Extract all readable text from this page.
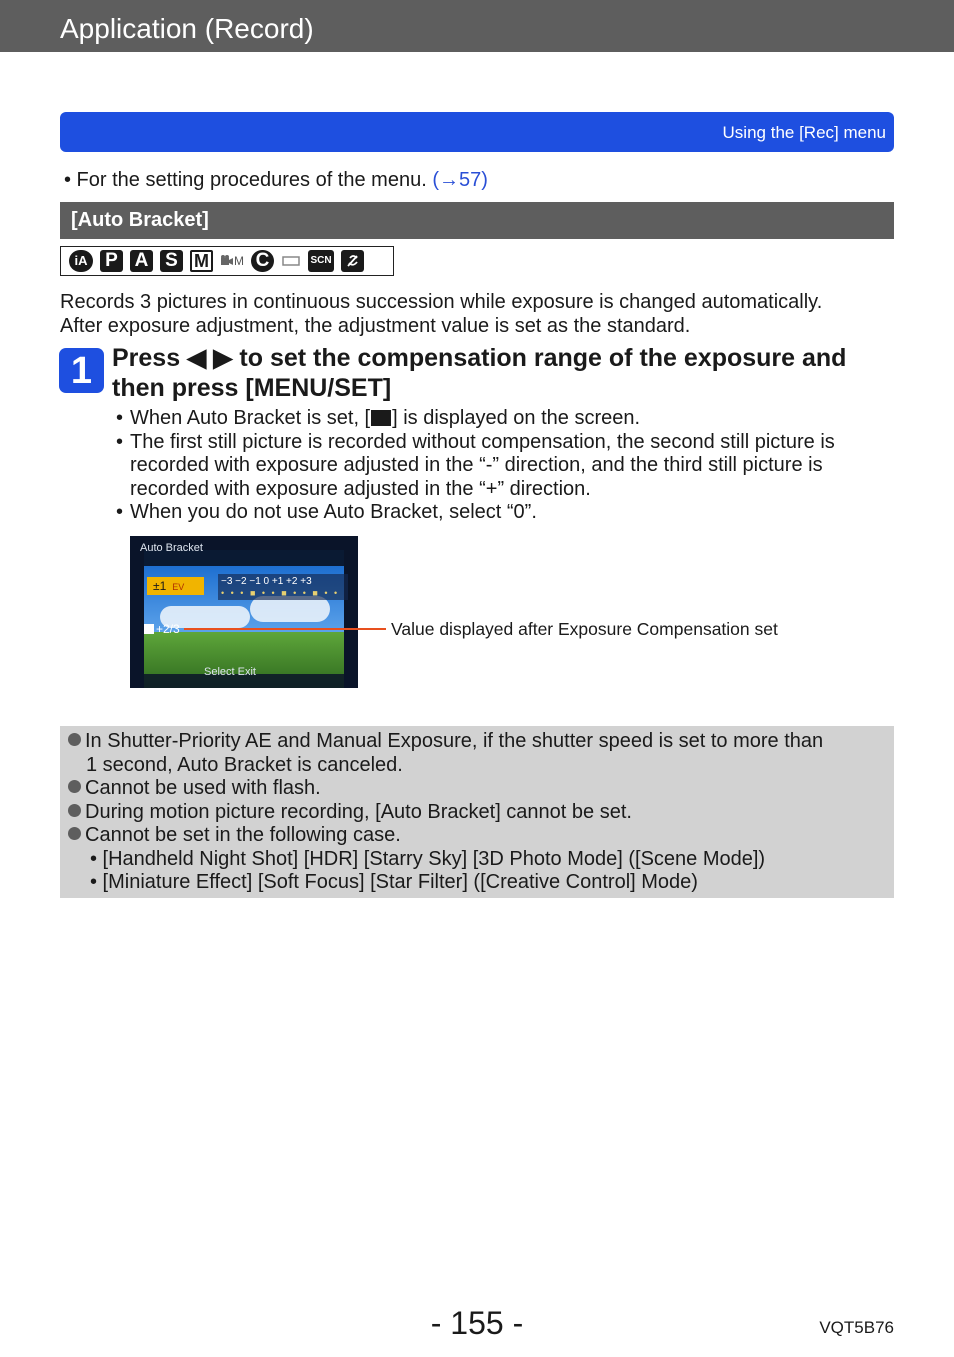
Application (Record)
Using the [Rec] menu
• For the setting procedures of the menu. (→57)
[Auto Bracket]
iA P A S M	M C	SCN
Records 3 pictures in continuous succession while exposure is changed automatically.
After exposure adjustment, the adjustment value is set as the standard.
1 Press ◀ ▶ to set the compensation range of the exposure and
then press [MENU/SET]
• When Auto Bracket is set, [ ] is displayed on the screen.
• The first still picture is recorded without compensation, the second still picture is
recorded with exposure adjusted in the “-” direction, and the third still picture is
recorded with exposure adjusted in the “+” direction.
• When you do not use Auto Bracket, select “0”.
Auto Bracket
±1 EV	−3 −2 −1 0 +1 +2 +3
• • • ■ • • ■ • • ■ • •
+2/3
Select Exit
Value displayed after Exposure Compensation set
In Shutter-Priority AE and Manual Exposure, if the shutter speed is set to more than
1 second, Auto Bracket is canceled.
Cannot be used with flash.
During motion picture recording, [Auto Bracket] cannot be set.
Cannot be set in the following case.
• [Handheld Night Shot] [HDR] [Starry Sky] [3D Photo Mode] ([Scene Mode])
• [Miniature Effect] [Soft Focus] [Star Filter] ([Creative Control] Mode)
- 155 -	VQT5B76
